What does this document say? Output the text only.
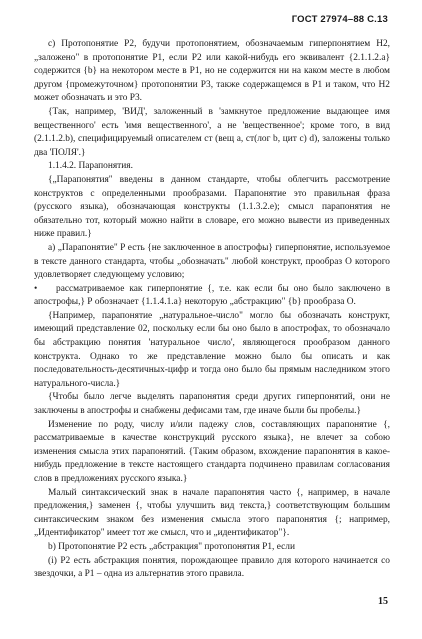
ГОСТ 27974–88 С.13

c) Протопонятие P2, будучи протопонятием, обозначаемым гиперпонятием Н2, „заложено" в протопонятие Р1, если Р2 или какой-нибудь его эквивалент {2.1.1.2.a} содержится {b} на некотором месте в Р1, но не содержится ни на каком месте в любом другом {промежуточном} протопонятии Р3, также содержащемся в Р1 и таком, что Н2 может обозначать и это Р3.

{Так, например, 'ВИД', заложенный в 'замкнутое предложение выдающее имя вещественного' есть 'имя вещественного', a не 'вещественное'; кроме того, в вид (2.1.1.2.b), специфицируемый описателем ст (вещ a, ст(лог b, цит с) d), заложены только два 'ПОЛЯ'.}

1.1.4.2. Парапонятия.

{„Парапонятия" введены в данном стандарте, чтобы облегчить рассмотрение конструктов с определенными прообразами. Парапонятие это правильная фраза (русского языка), обозначающая конструкты (1.1.3.2.e); смысл парапонятия не обязательно тот, который можно найти в словаре, его можно вывести из приведенных ниже правил.}

a) „Парапонятие" Р есть {не заключенное в апострофы} гиперпонятие, используемое в тексте данного стандарта, чтобы „обозначать" любой конструкт, прообраз О которого удовлетворяет следующему условию;

• рассматриваемое как гиперпонятие {, т.е. как если бы оно было заключено в апострофы,} Р обозначает {1.1.4.1.a} некоторую „абстракцию" {b} прообраза О.

{Например, парапонятие „натуральное-число" могло бы обозначать конструкт, имеющий представление 02, поскольку если бы оно было в апострофах, то обозначало бы абстракцию понятия 'натуральное число', являющегося прообразом данного конструкта. Однако то же представление можно было бы описать и как последовательность-десятичных-цифр и тогда оно было бы прямым наследником этого натурального-числа.}

{Чтобы было легче выделять парапонятия среди других гиперпонятий, они не заключены в апострофы и снабжены дефисами там, где иначе были бы пробелы.}

Изменение по роду, числу и/или падежу слов, составляющих парапонятие {, рассматриваемые в качестве конструкций русского языка}, не влечет за собою изменения смысла этих парапонятий. {Таким образом, вхождение парапонятия в какое-нибудь предложение в тексте настоящего стандарта подчинено правилам согласования слов в предложениях русского языка.}

Малый синтаксический знак в начале парапонятия часто {, например, в начале предложения,} заменен {, чтобы улучшить вид текста,} соответствующим большим синтаксическим знаком без изменения смысла этого парапонятия {; например, „Идентификатор" имеет тот же смысл, что и „идентификатор"}.

b) Протопонятие Р2 есть „абстракция" протопонятия Р1, если

(i) P2 есть абстракция понятия, порождающее правило для которого начинается со звездочки, а Р1 – одна из альтернатив этого правила.

15
